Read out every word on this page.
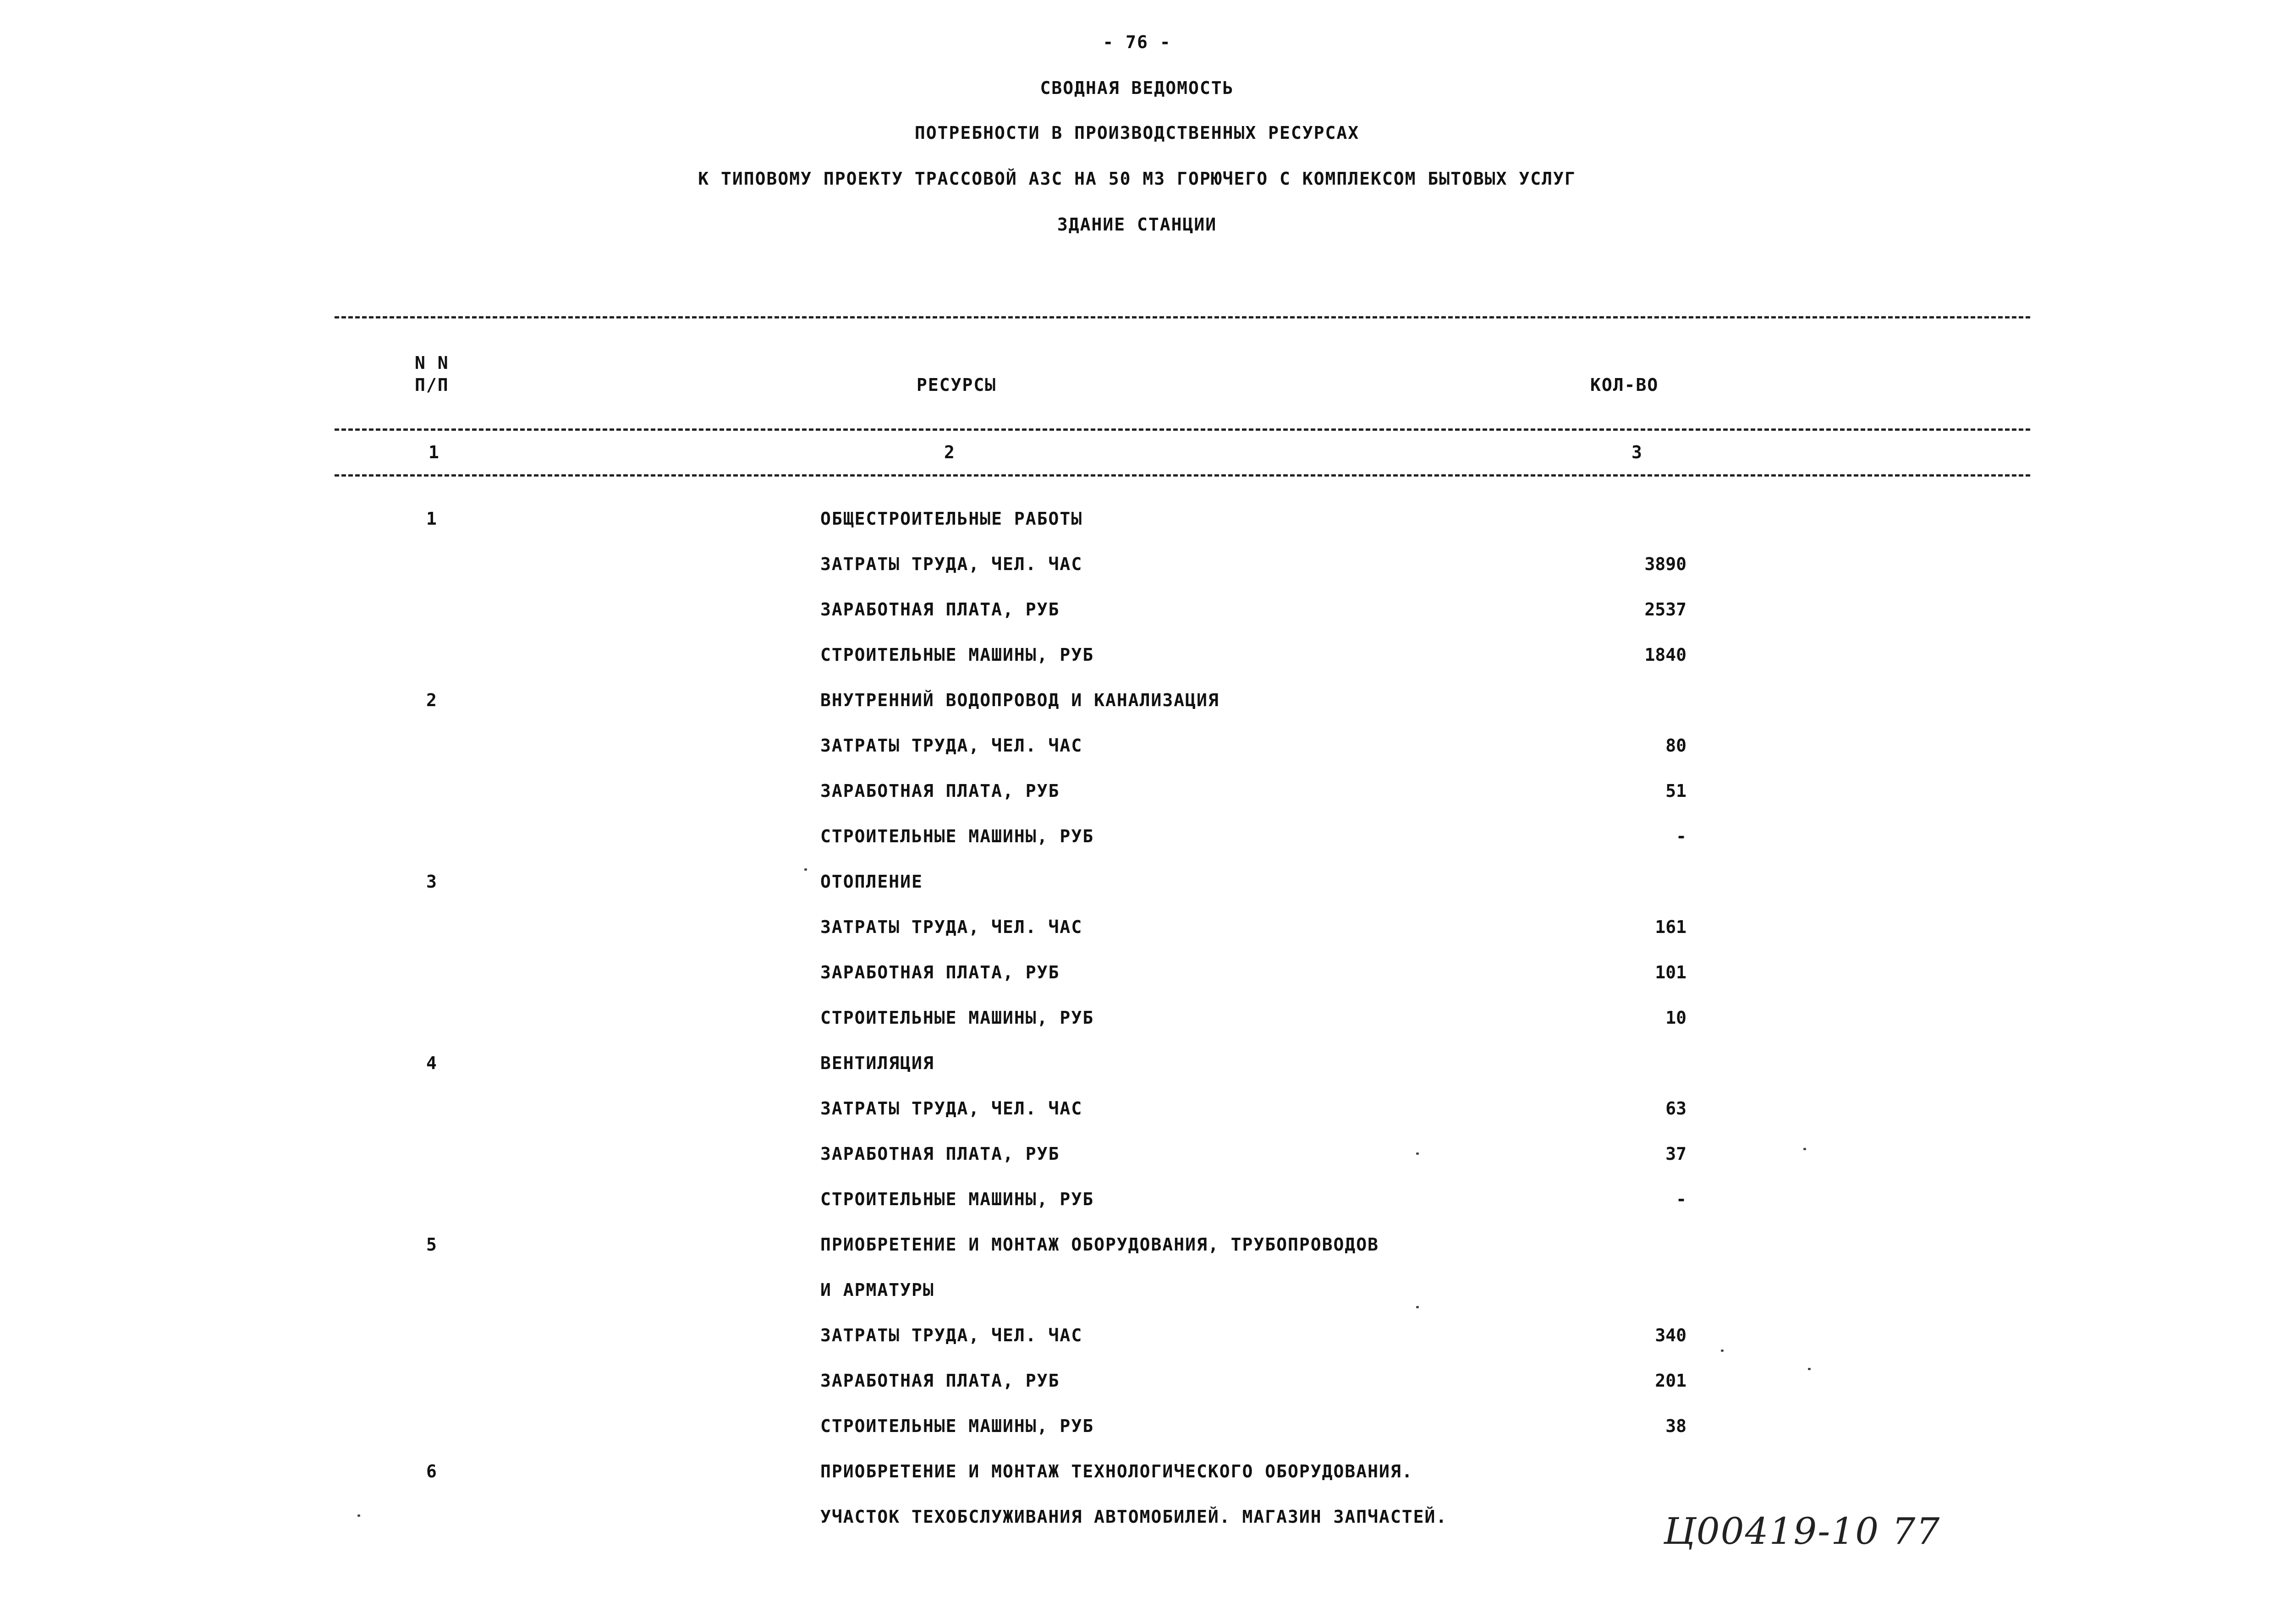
- 76 -
СВОДНАЯ ВЕДОМОСТЬ
ПОТРЕБНОСТИ В ПРОИЗВОДСТВЕННЫХ РЕСУРСАХ
К ТИПОВОМУ ПРОЕКТУ ТРАССОВОЙ АЗС НА 50 М3 ГОРЮЧЕГО С КОМПЛЕКСОМ БЫТОВЫХ УСЛУГ
ЗДАНИЕ СТАНЦИИ
N N
П/П	РЕСУРСЫ	КОЛ-ВО
1	2	3
1	ОБЩЕСТРОИТЕЛЬНЫЕ РАБОТЫ
ЗАТРАТЫ ТРУДА, ЧЕЛ. ЧАС	3890
ЗАРАБОТНАЯ ПЛАТА, РУБ	2537
СТРОИТЕЛЬНЫЕ МАШИНЫ, РУБ	1840
2	ВНУТРЕННИЙ ВОДОПРОВОД И КАНАЛИЗАЦИЯ
ЗАТРАТЫ ТРУДА, ЧЕЛ. ЧАС	80
ЗАРАБОТНАЯ ПЛАТА, РУБ	51
СТРОИТЕЛЬНЫЕ МАШИНЫ, РУБ	-
3	ОТОПЛЕНИЕ
ЗАТРАТЫ ТРУДА, ЧЕЛ. ЧАС	161
ЗАРАБОТНАЯ ПЛАТА, РУБ	101
СТРОИТЕЛЬНЫЕ МАШИНЫ, РУБ	10
4	ВЕНТИЛЯЦИЯ
ЗАТРАТЫ ТРУДА, ЧЕЛ. ЧАС	63
ЗАРАБОТНАЯ ПЛАТА, РУБ	37
СТРОИТЕЛЬНЫЕ МАШИНЫ, РУБ	-
5	ПРИОБРЕТЕНИЕ И МОНТАЖ ОБОРУДОВАНИЯ, ТРУБОПРОВОДОВ
И АРМАТУРЫ
ЗАТРАТЫ ТРУДА, ЧЕЛ. ЧАС	340
ЗАРАБОТНАЯ ПЛАТА, РУБ	201
СТРОИТЕЛЬНЫЕ МАШИНЫ, РУБ	38
6	ПРИОБРЕТЕНИЕ И МОНТАЖ ТЕХНОЛОГИЧЕСКОГО ОБОРУДОВАНИЯ.
УЧАСТОК ТЕХОБСЛУЖИВАНИЯ АВТОМОБИЛЕЙ. МАГАЗИН ЗАПЧАСТЕЙ.	Ц00419-10 77
